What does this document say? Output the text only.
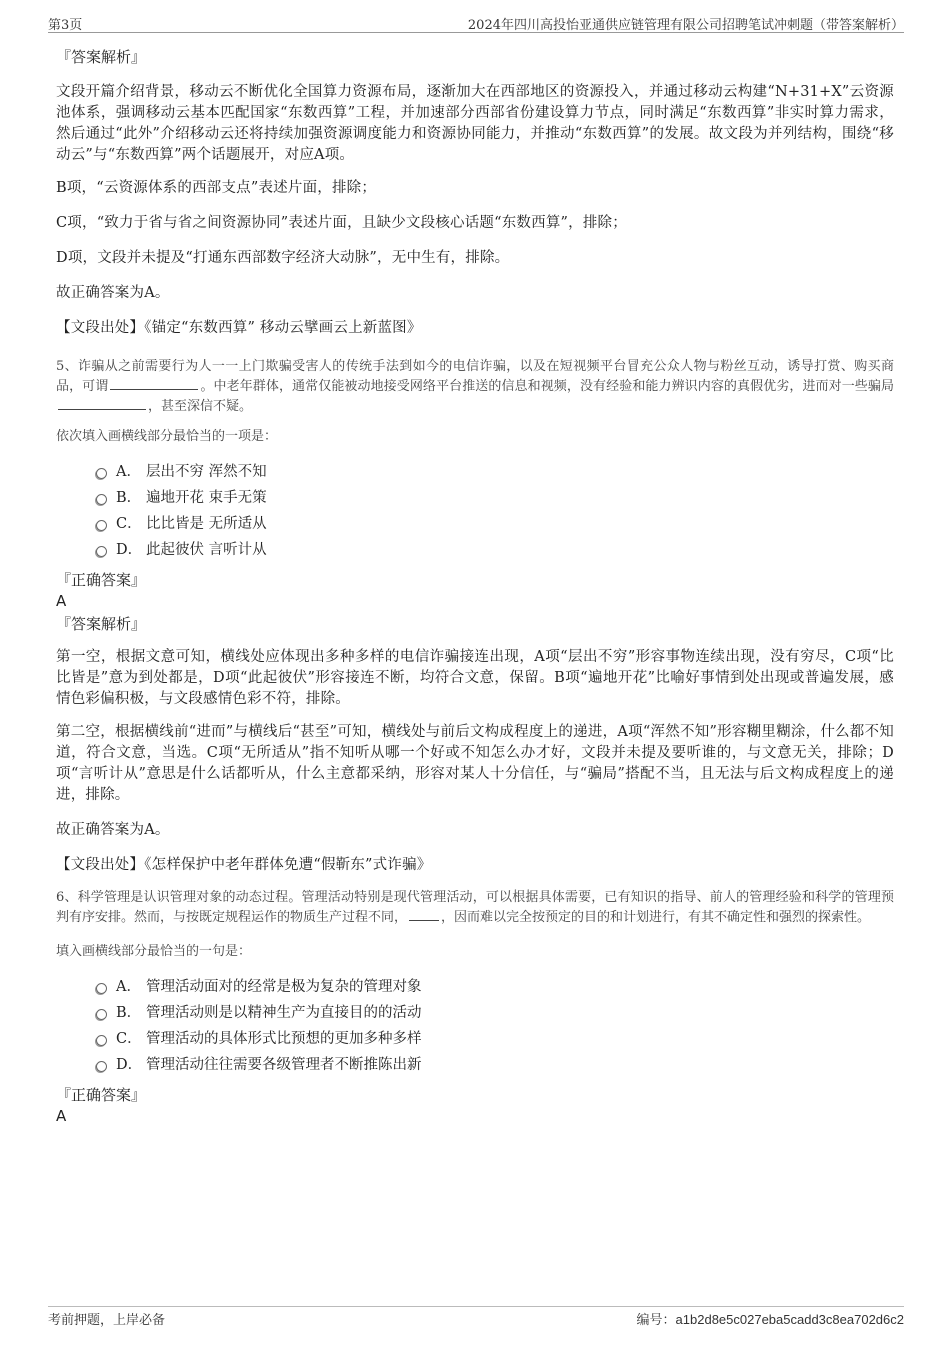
第3页	2024年四川高投怡亚通供应链管理有限公司招聘笔试冲刺题（带答案解析）

『答案解析』

文段开篇介绍背景，移动云不断优化全国算力资源布局，逐渐加大在西部地区的资源投入，并通过移动云构建“N+31+X”云资源池体系，强调移动云基本匹配国家“东数西算”工程，并加速部分西部省份建设算力节点，同时满足“东数西算”非实时算力需求，然后通过“此外”介绍移动云还将持续加强资源调度能力和资源协同能力，并推动“东数西算”的发展。故文段为并列结构，围绕“移动云”与“东数西算”两个话题展开，对应A项。

B项，“云资源体系的西部支点”表述片面，排除；

C项，“致力于省与省之间资源协同”表述片面，且缺少文段核心话题“东数西算”，排除；

D项，文段并未提及“打通东西部数字经济大动脉”，无中生有，排除。

故正确答案为A。

【文段出处】《锚定“东数西算” 移动云擘画云上新蓝图》

5、诈骗从之前需要行为人一一上门欺骗受害人的传统手法到如今的电信诈骗，以及在短视频平台冒充公众人物与粉丝互动，诱导打赏、购买商品，可谓	。中老年群体，通常仅能被动地接受网络平台推送的信息和视频，没有经验和能力辨识内容的真假优劣，进而对一些骗局，甚至深信不疑。

依次填入画横线部分最恰当的一项是：

A． 层出不穷 浑然不知
B． 遍地开花 束手无策
C． 比比皆是 无所适从
D． 此起彼伏 言听计从

『正确答案』

A

『答案解析』

第一空，根据文意可知，横线处应体现出多种多样的电信诈骗接连出现，A项“层出不穷”形容事物连续出现，没有穷尽，C项“比比皆是”意为到处都是，D项“此起彼伏”形容接连不断，均符合文意，保留。B项“遍地开花”比喻好事情到处出现或普遍发展，感情色彩偏积极，与文段感情色彩不符，排除。

第二空，根据横线前“进而”与横线后“甚至”可知，横线处与前后文构成程度上的递进，A项“浑然不知”形容糊里糊涂，什么都不知道，符合文意，当选。C项“无所适从”指不知听从哪一个好或不知怎么办才好，文段并未提及要听谁的，与文意无关，排除；D项“言听计从”意思是什么话都听从，什么主意都采纳，形容对某人十分信任，与“骗局”搭配不当，且无法与后文构成程度上的递进，排除。

故正确答案为A。

【文段出处】《怎样保护中老年群体免遭“假靳东”式诈骗》

6、科学管理是认识管理对象的动态过程。管理活动特别是现代管理活动，可以根据具体需要，已有知识的指导、前人的管理经验和科学的管理预判有序安排。然而，与按既定规程运作的物质生产过程不同，	，因而难以完全按预定的目的和计划进行，有其不确定性和强烈的探索性。

填入画横线部分最恰当的一句是：

A． 管理活动面对的经常是极为复杂的管理对象
B． 管理活动则是以精神生产为直接目的的活动
C． 管理活动的具体形式比预想的更加多种多样
D． 管理活动往往需要各级管理者不断推陈出新

『正确答案』

A

考前押题，上岸必备	编号：a1b2d8e5c027eba5cadd3c8ea702d6c2
